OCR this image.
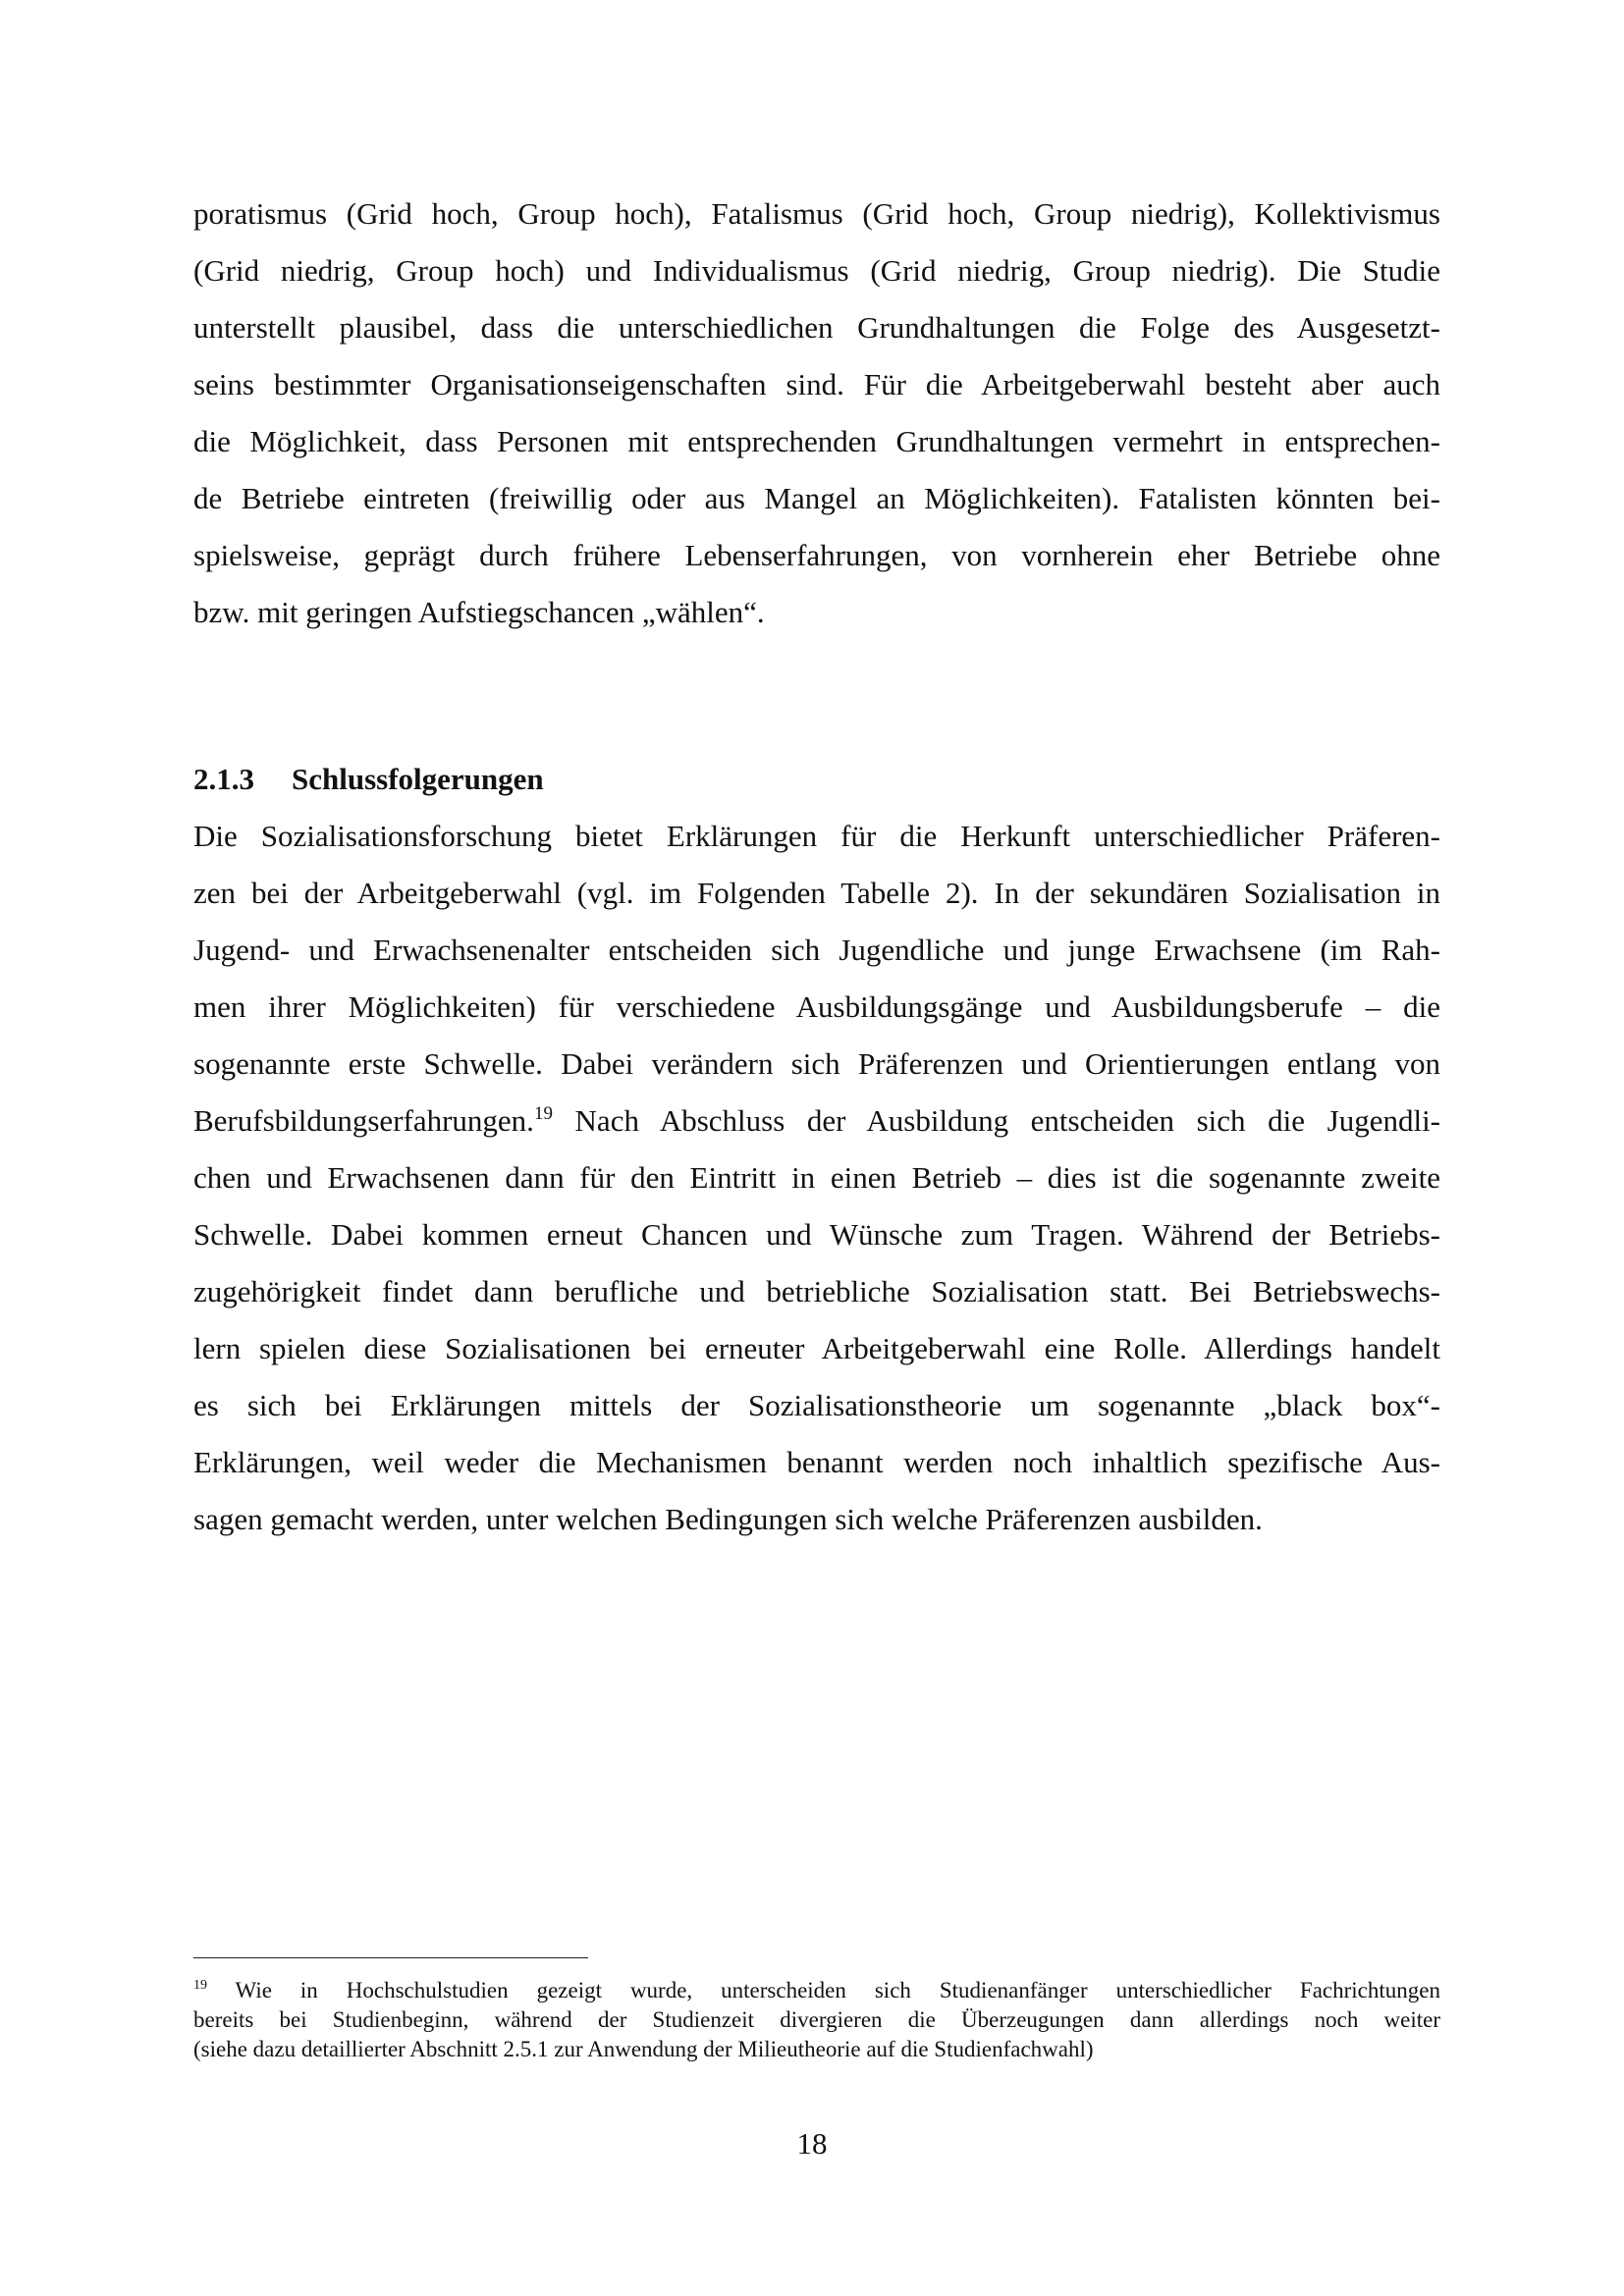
poratismus (Grid hoch, Group hoch), Fatalismus (Grid hoch, Group niedrig), Kollektivismus
(Grid niedrig, Group hoch) und Individualismus (Grid niedrig, Group niedrig). Die Studie
unterstellt plausibel, dass die unterschiedlichen Grundhaltungen die Folge des Ausgesetzt-
seins bestimmter Organisationseigenschaften sind. Für die Arbeitgeberwahl besteht aber auch
die Möglichkeit, dass Personen mit entsprechenden Grundhaltungen vermehrt in entsprechen-
de Betriebe eintreten (freiwillig oder aus Mangel an Möglichkeiten). Fatalisten könnten bei-
spielsweise, geprägt durch frühere Lebenserfahrungen, von vornherein eher Betriebe ohne
bzw. mit geringen Aufstiegschancen „wählen“.
2.1.3 Schlussfolgerungen
Die Sozialisationsforschung bietet Erklärungen für die Herkunft unterschiedlicher Präferen-
zen bei der Arbeitgeberwahl (vgl. im Folgenden Tabelle 2). In der sekundären Sozialisation in
Jugend- und Erwachsenenalter entscheiden sich Jugendliche und junge Erwachsene (im Rah-
men ihrer Möglichkeiten) für verschiedene Ausbildungsgänge und Ausbildungsberufe – die
sogenannte erste Schwelle. Dabei verändern sich Präferenzen und Orientierungen entlang von
Berufsbildungserfahrungen.$^{19}$ Nach Abschluss der Ausbildung entscheiden sich die Jugendli-
chen und Erwachsenen dann für den Eintritt in einen Betrieb – dies ist die sogenannte zweite
Schwelle. Dabei kommen erneut Chancen und Wünsche zum Tragen. Während der Betriebs-
zugehörigkeit findet dann berufliche und betriebliche Sozialisation statt. Bei Betriebswechs-
lern spielen diese Sozialisationen bei erneuter Arbeitgeberwahl eine Rolle. Allerdings handelt
es sich bei Erklärungen mittels der Sozialisationstheorie um sogenannte „black box“-
Erklärungen, weil weder die Mechanismen benannt werden noch inhaltlich spezifische Aus-
sagen gemacht werden, unter welchen Bedingungen sich welche Präferenzen ausbilden.
$^{19}$ Wie in Hochschulstudien gezeigt wurde, unterscheiden sich Studienanfänger unterschiedlicher Fachrichtungen
bereits bei Studienbeginn, während der Studienzeit divergieren die Überzeugungen dann allerdings noch weiter
(siehe dazu detaillierter Abschnitt 2.5.1 zur Anwendung der Milieutheorie auf die Studienfachwahl)
18
